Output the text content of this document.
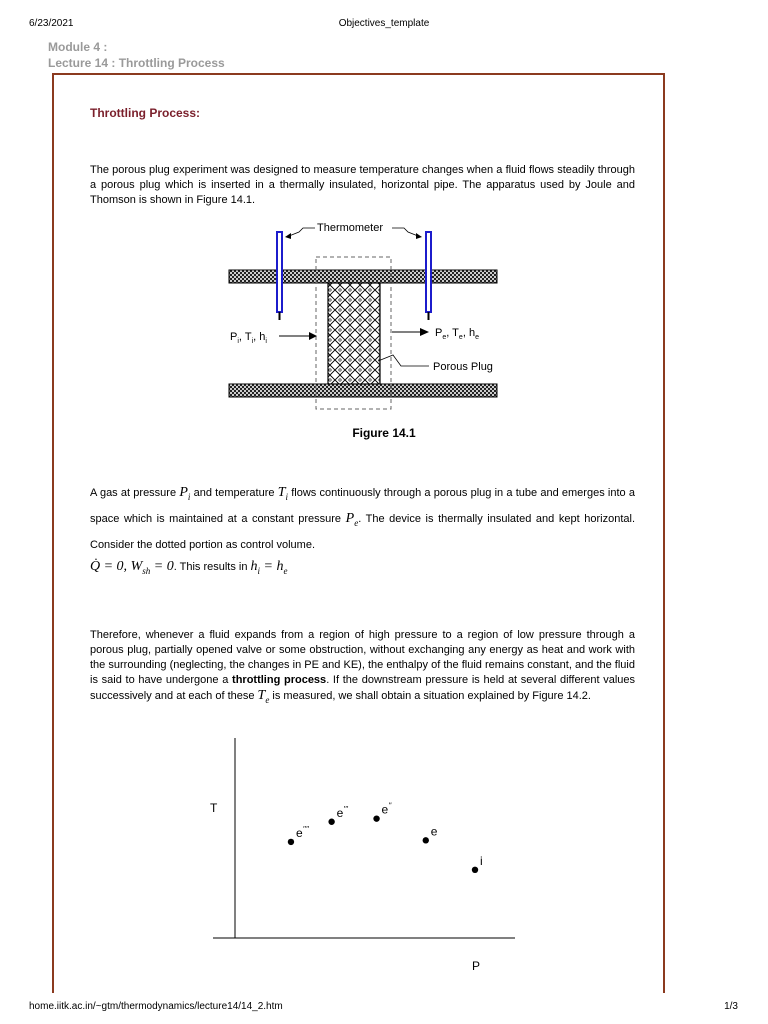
6/23/2021	Objectives_template
Module 4 :
Lecture 14 : Throttling Process
Throttling Process:
The porous plug experiment was designed to measure temperature changes when a fluid flows steadily through a porous plug which is inserted in a thermally insulated, horizontal pipe. The apparatus used by Joule and Thomson is shown in Figure 14.1.
Thermometer
$P_i$, $T_i$, $h_i$
$P_e$, $T_e$, $h_e$
Porous Plug
Figure 14.1
A gas at pressure $P_i$ and temperature $T_i$ flows continuously through a porous plug in a tube and emerges into a space which is maintained at a constant pressure $P_e$. The device is thermally insulated and kept horizontal. Consider the dotted portion as control volume.
Q̇ = 0, $W_{sh} = 0$. This results in $h_i = h_e$
Therefore, whenever a fluid expands from a region of high pressure to a region of low pressure through a porous plug, partially opened valve or some obstruction, without exchanging any energy as heat and work with the surrounding (neglecting, the changes in PE and KE), the enthalpy of the fluid remains constant, and the fluid is said to have undergone a throttling process. If the downstream pressure is held at several different values successively and at each of these $T_e$ is measured, we shall obtain a situation explained by Figure 14.2.
T
P
e''''
e'''	e''
e
i
home.iitk.ac.in/~gtm/thermodynamics/lecture14/14_2.htm	1/3
